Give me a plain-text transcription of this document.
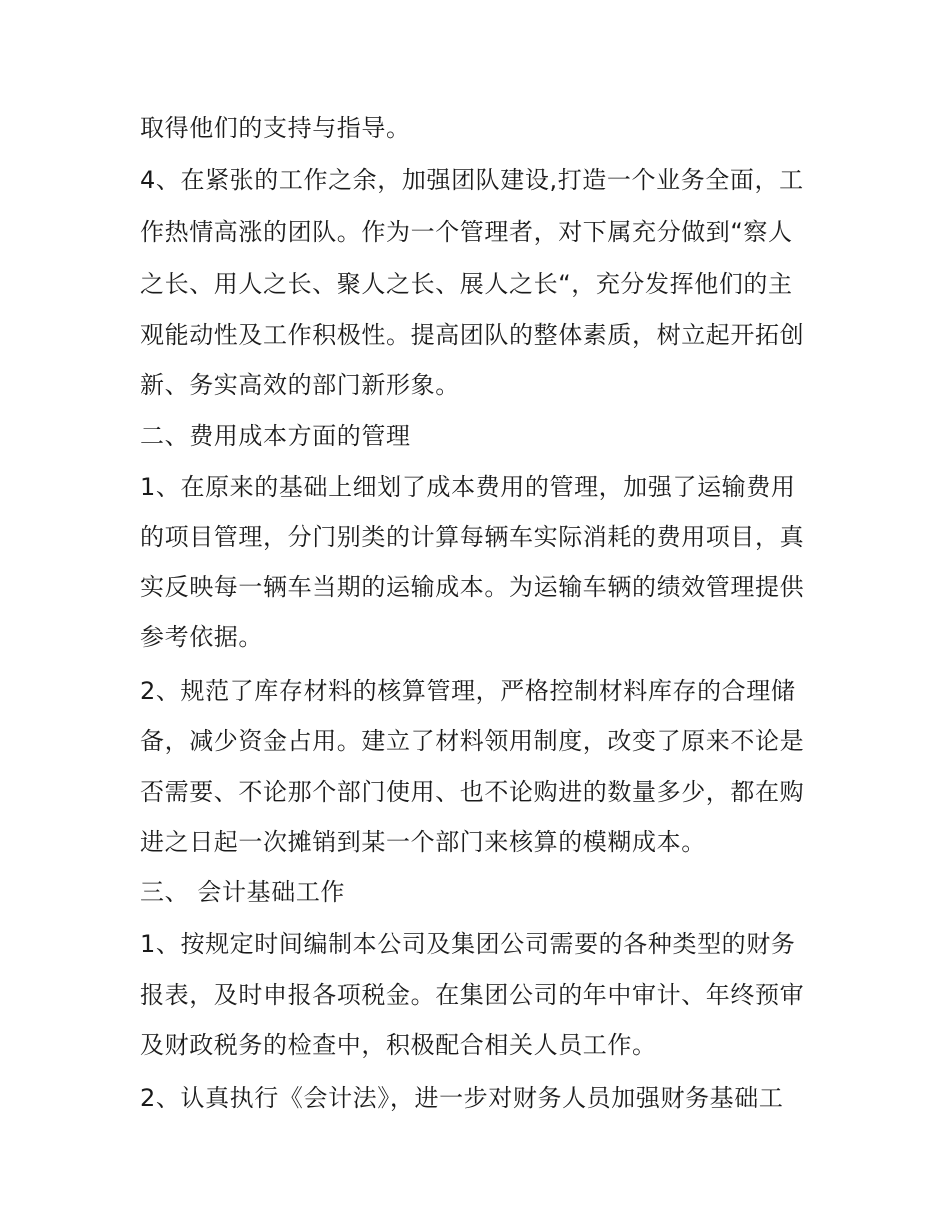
取得他们的支持与指导。
4、在紧张的工作之余，加强团队建设,打造一个业务全面，工
作热情高涨的团队。作为一个管理者，对下属充分做到“察人
之长、用人之长、聚人之长、展人之长“，充分发挥他们的主
观能动性及工作积极性。提高团队的整体素质，树立起开拓创
新、务实高效的部门新形象。
二、费用成本方面的管理
1、在原来的基础上细划了成本费用的管理，加强了运输费用
的项目管理，分门别类的计算每辆车实际消耗的费用项目，真
实反映每一辆车当期的运输成本。为运输车辆的绩效管理提供
参考依据。
2、规范了库存材料的核算管理，严格控制材料库存的合理储
备，减少资金占用。建立了材料领用制度，改变了原来不论是
否需要、不论那个部门使用、也不论购进的数量多少，都在购
进之日起一次摊销到某一个部门来核算的模糊成本。
三、 会计基础工作
1、按规定时间编制本公司及集团公司需要的各种类型的财务
报表，及时申报各项税金。在集团公司的年中审计、年终预审
及财政税务的检查中，积极配合相关人员工作。
2、认真执行《会计法》，进一步对财务人员加强财务基础工
